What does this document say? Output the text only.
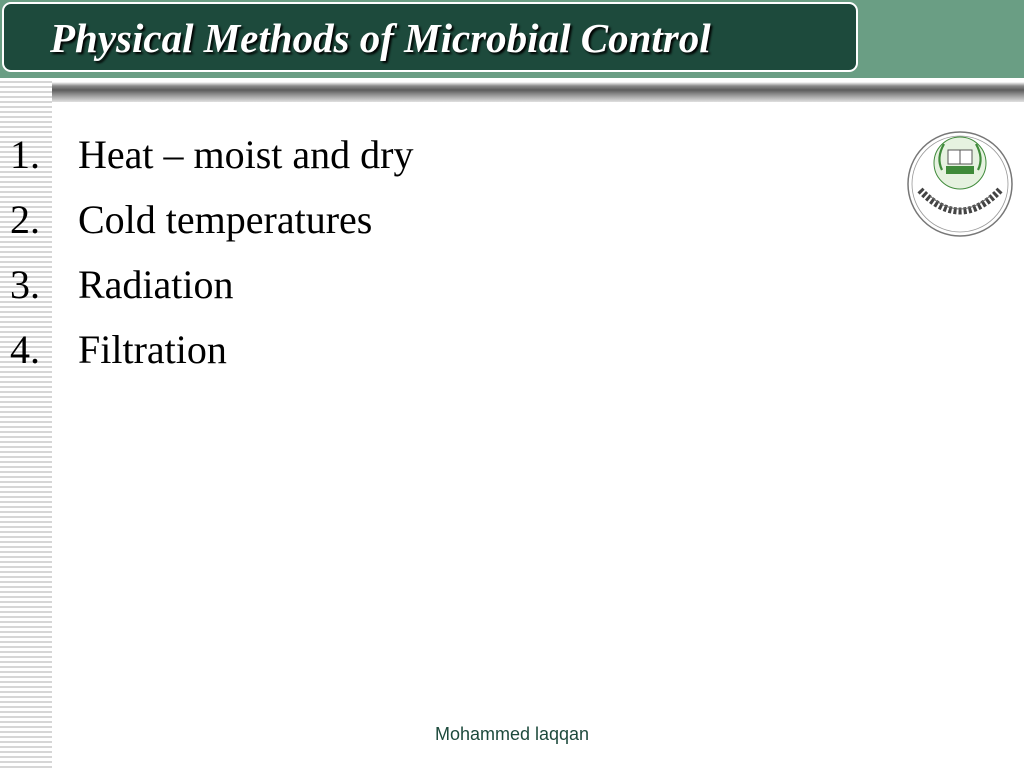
Physical Methods of Microbial Control
1. Heat – moist and dry
2. Cold temperatures
3. Radiation
4. Filtration
Mohammed laqqan
